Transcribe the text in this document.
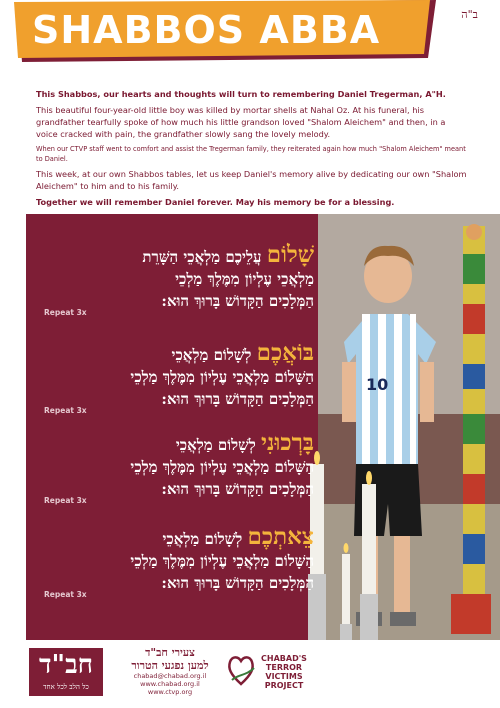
SHABBOS ABBA	ב"ה

This Shabbos, our hearts and thoughts will turn to remembering Daniel Tregerman, A"H.

This beautiful four-year-old little boy was killed by mortar shells at Nahal Oz. At his funeral, his grandfather tearfully spoke of how much his little grandson loved "Shalom Aleichem" and then, in a voice cracked with pain, the grandfather slowly sang the lovely melody.

When our CTVP staff went to comfort and assist the Tregerman family, they reiterated again how much "Shalom Aleichem" meant to Daniel.

This week, at our own Shabbos tables, let us keep Daniel's memory alive by dedicating our own "Shalom Aleichem" to him and to his family.

Together we will remember Daniel forever. May his memory be for a blessing.

10
שָׁלוֹם עֲלֵיכֶם מַלְאֲכֵי הַשָּׁרֵת
מַלְאֲכֵי עֶלְיוֹן מִמֶּלֶךְ מַלְכֵי
הַמְּלָכִים הַקָּדוֹשׁ בָּרוּךְ הוּא:
Repeat 3x
בּוֹאֲכֶם לְשָׁלוֹם מַלְאֲכֵי
הַשָּׁלוֹם מַלְאֲכֵי עֶלְיוֹן מִמֶּלֶךְ מַלְכֵי
הַמְּלָכִים הַקָּדוֹשׁ בָּרוּךְ הוּא:
Repeat 3x
בָּרְכוּנִי לְשָׁלוֹם מַלְאֲכֵי
הַשָּׁלוֹם מַלְאֲכֵי עֶלְיוֹן מִמֶּלֶךְ מַלְכֵי
הַמְּלָכִים הַקָּדוֹשׁ בָּרוּךְ הוּא:
Repeat 3x
צֵאתְכֶם לְשָׁלוֹם מַלְאֲכֵי
הַשָּׁלוֹם מַלְאֲכֵי עֶלְיוֹן מִמֶּלֶךְ מַלְכֵי
הַמְּלָכִים הַקָּדוֹשׁ בָּרוּךְ הוּא:
Repeat 3x
חב"ד
כל הלב לכל אחד
צעירי חב"ד
למען נפגעי הטרור
chabad@chabad.org.il
www.chabad.org.il
www.ctvp.org
CHABAD'S TERROR VICTIMS PROJECT
